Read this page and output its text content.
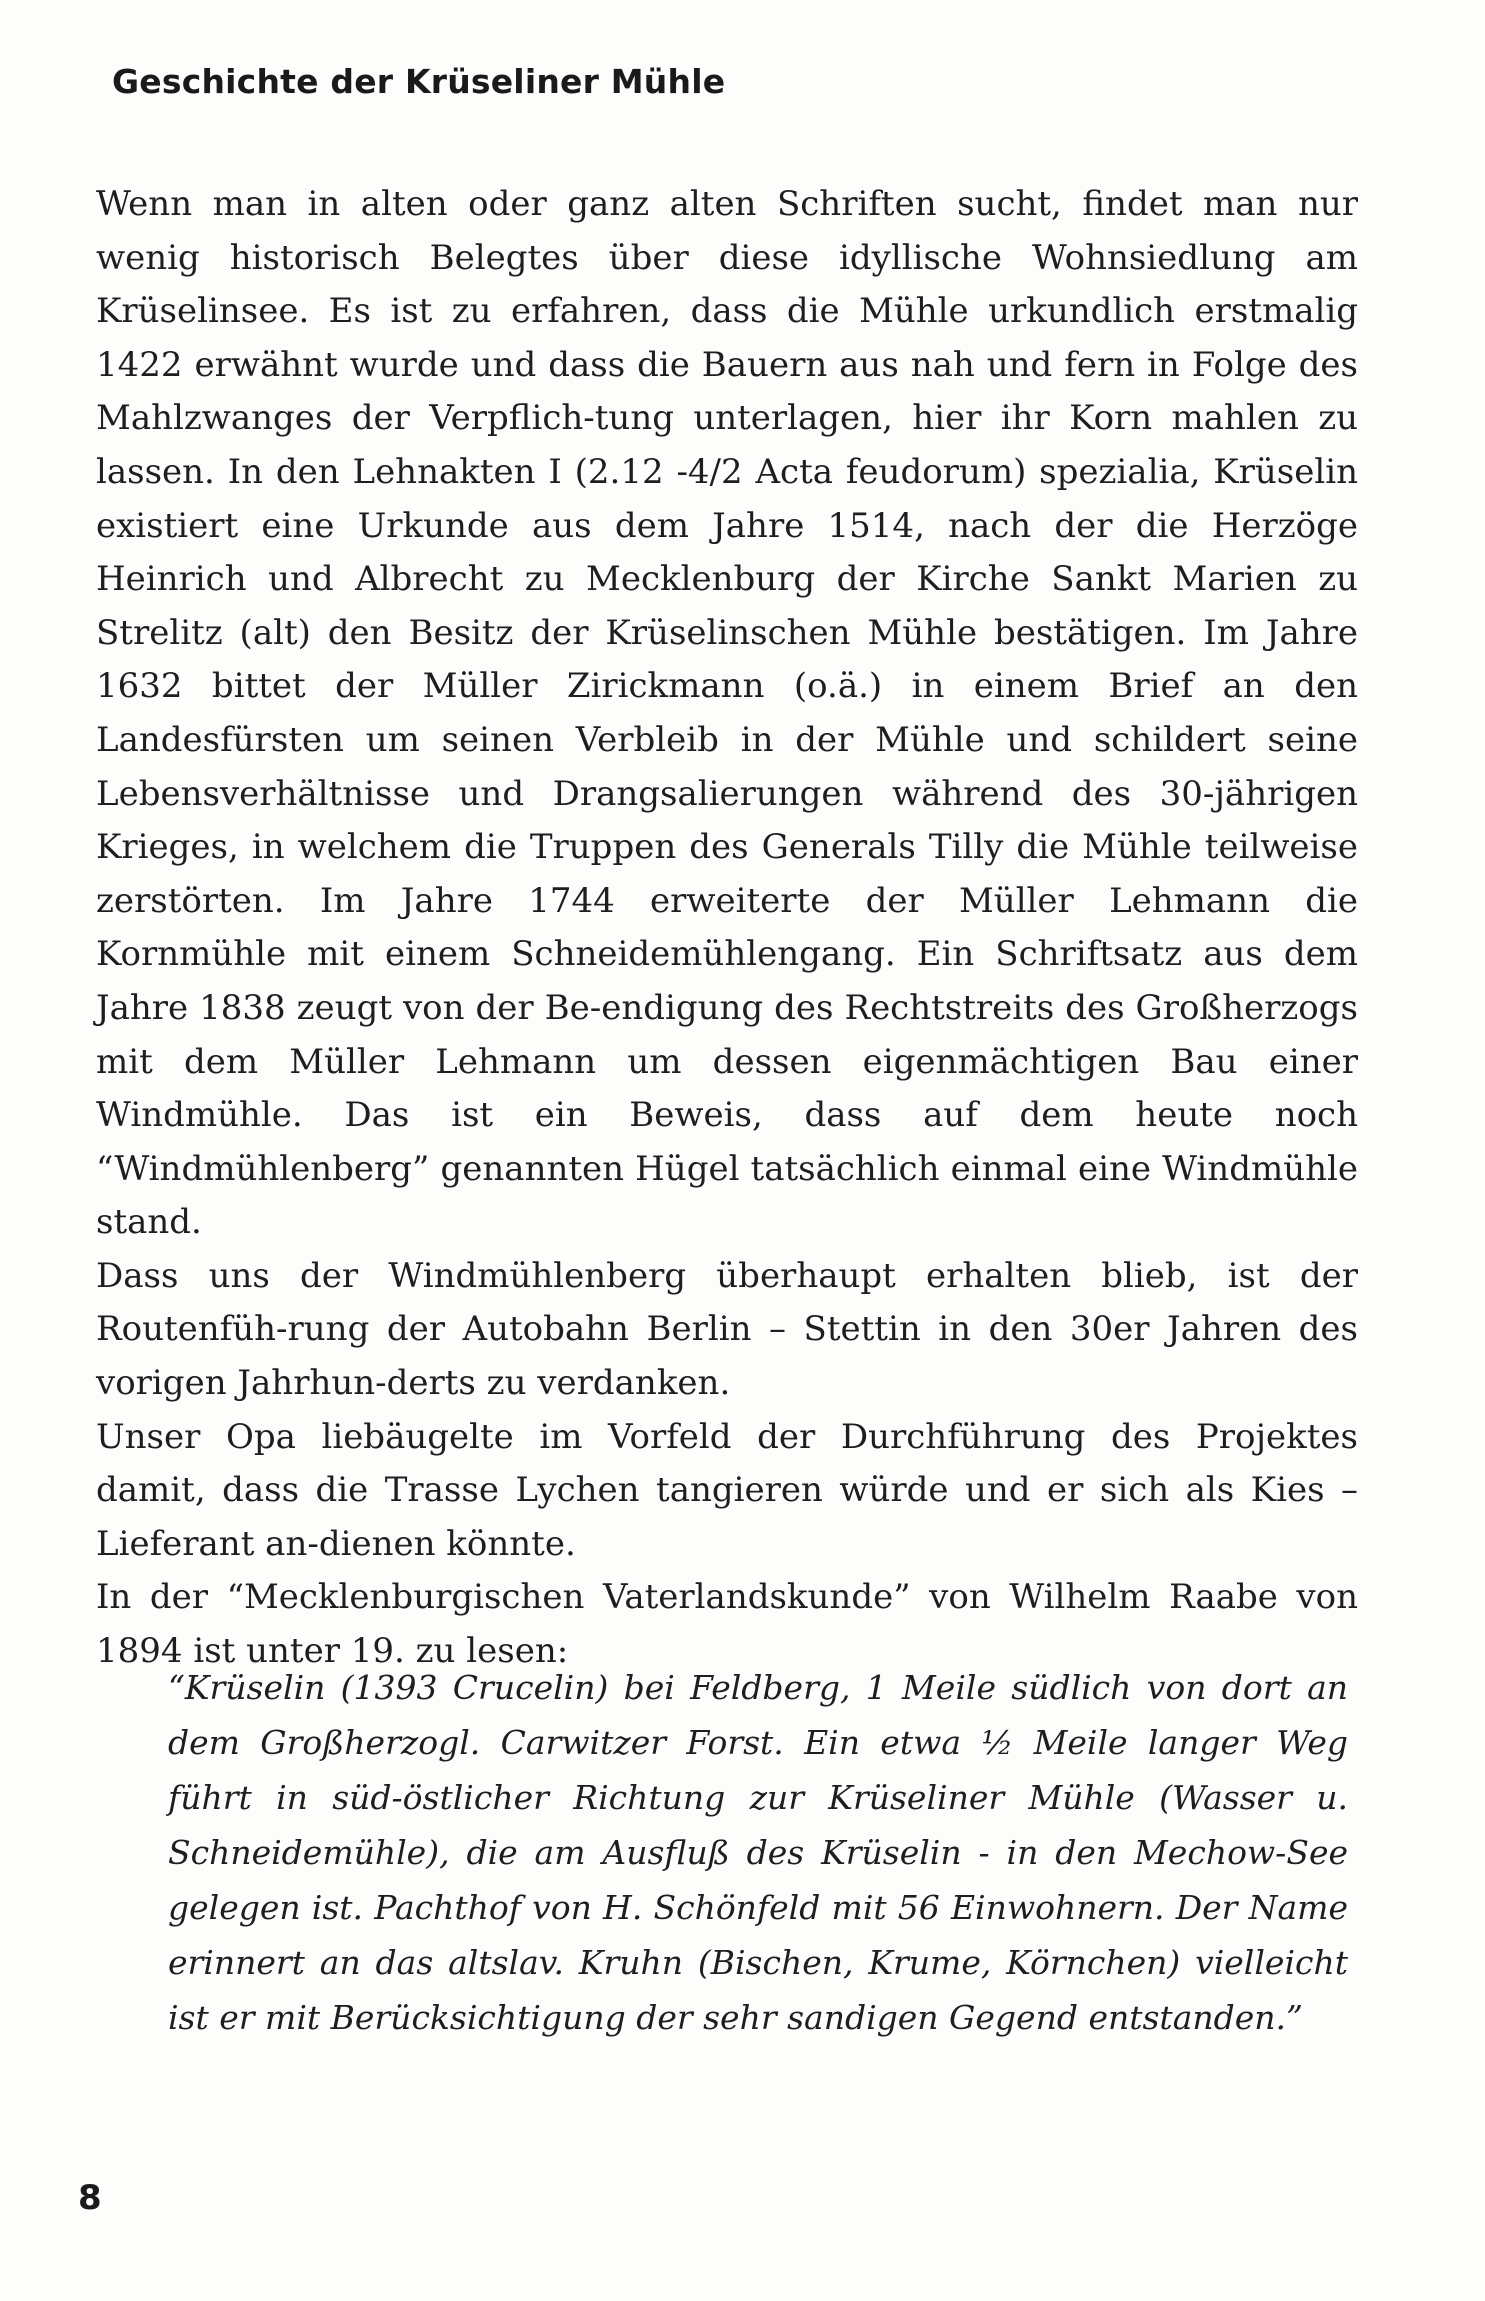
Geschichte der Krüseliner Mühle

Wenn man in alten oder ganz alten Schriften sucht, findet man nur wenig historisch Belegtes über diese idyllische Wohnsiedlung am Krüselinsee. Es ist zu erfahren, dass die Mühle urkundlich erstmalig 1422 erwähnt wurde und dass die Bauern aus nah und fern in Folge des Mahlzwanges der Verpflich-tung unterlagen, hier ihr Korn mahlen zu lassen. In den Lehnakten I (2.12 -4/2 Acta feudorum) spezialia, Krüselin existiert eine Urkunde aus dem Jahre 1514, nach der die Herzöge Heinrich und Albrecht zu Mecklenburg der Kirche Sankt Marien zu Strelitz (alt) den Besitz der Krüselinschen Mühle bestätigen. Im Jahre 1632 bittet der Müller Zirickmann (o.ä.) in einem Brief an den Landesfürsten um seinen Verbleib in der Mühle und schildert seine Lebensverhältnisse und Drangsalierungen während des 30-jährigen Krieges, in welchem die Truppen des Generals Tilly die Mühle teilweise zerstörten. Im Jahre 1744 erweiterte der Müller Lehmann die Kornmühle mit einem Schneidemühlengang. Ein Schriftsatz aus dem Jahre 1838 zeugt von der Be-endigung des Rechtstreits des Großherzogs mit dem Müller Lehmann um dessen eigenmächtigen Bau einer Windmühle. Das ist ein Beweis, dass auf dem heute noch “Windmühlenberg” genannten Hügel tatsächlich einmal eine Windmühle stand.

Dass uns der Windmühlenberg überhaupt erhalten blieb, ist der Routenfüh-rung der Autobahn Berlin – Stettin in den 30er Jahren des vorigen Jahrhun-derts zu verdanken.

Unser Opa liebäugelte im Vorfeld der Durchführung des Projektes damit, dass die Trasse Lychen tangieren würde und er sich als Kies – Lieferant an-dienen könnte.

In der “Mecklenburgischen Vaterlandskunde” von Wilhelm Raabe von 1894 ist unter 19. zu lesen:

“Krüselin (1393 Crucelin) bei Feldberg, 1 Meile südlich von dort an dem Großherzogl. Carwitzer Forst. Ein etwa ½ Meile langer Weg führt in süd-östlicher Richtung zur Krüseliner Mühle (Wasser u. Schneidemühle), die am Ausfluß des Krüselin - in den Mechow-See gelegen ist. Pachthof von H. Schönfeld mit 56 Einwohnern. Der Name erinnert an das altslav. Kruhn (Bischen, Krume, Körnchen) vielleicht ist er mit Berücksichtigung der sehr sandigen Gegend entstanden.”
8
